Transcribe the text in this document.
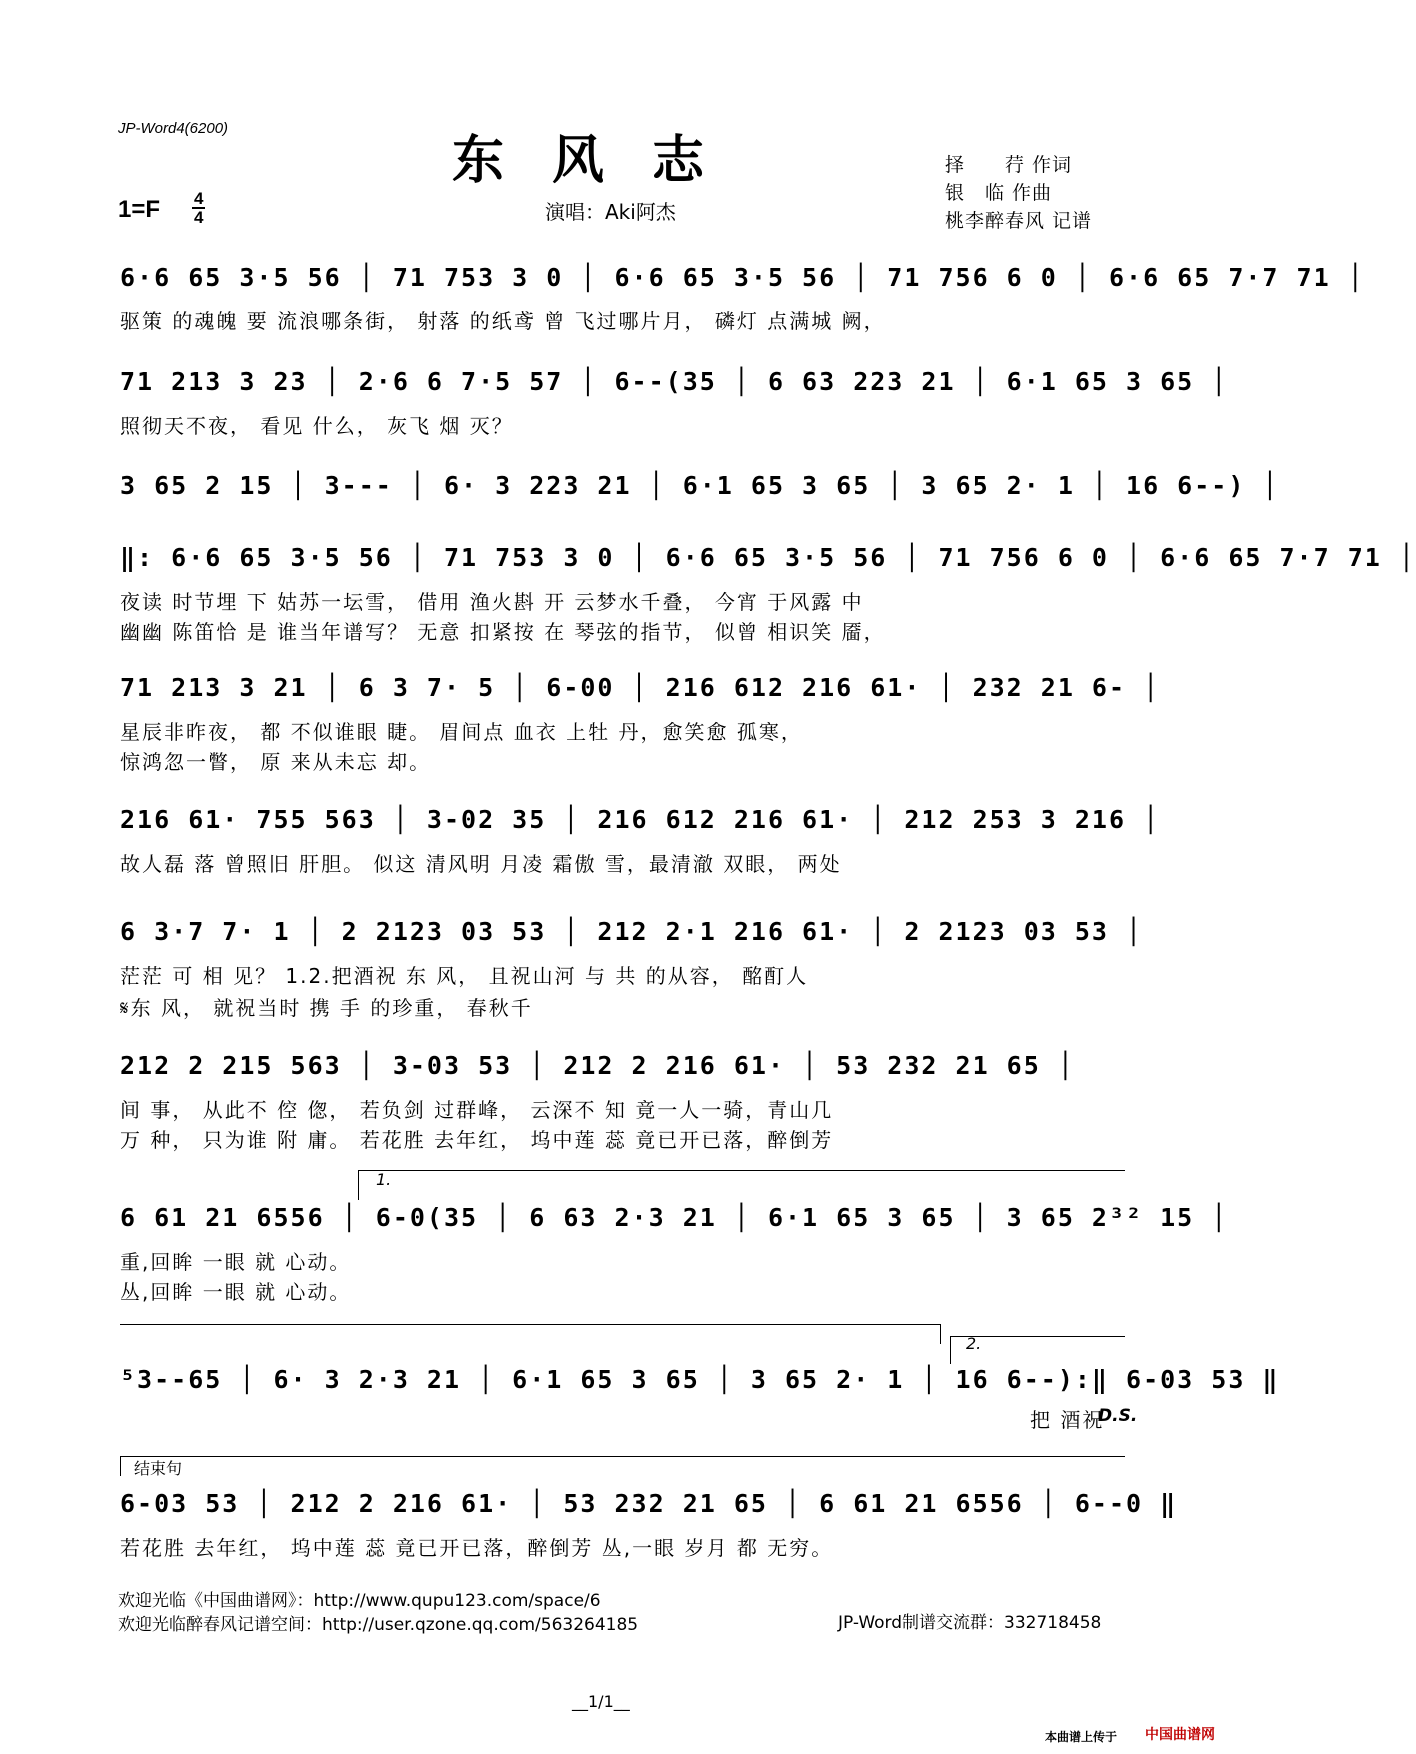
JP-Word4(6200)
东风志
$1=F \frac{4}{4}$	演唱：Aki阿杰
择　　荇 作词
银　临 作曲
桃李醉春风 记谱
6·6 65 3·5 56 │ 71 753 3 0 │ 6·6 65 3·5 56 │ 71 756 6 0 │ 6·6 65 7·7 71 │
驱策 的魂魄 要 流浪哪条街， 射落 的纸鸢 曾 飞过哪片月， 磷灯 点满城 阙，
71 213 3 23 │ 2·6 6 7·5 57 │ 6--(35 │ 6 63 223 21 │ 6·1 65 3 65 │
照彻天不夜， 看见 什么， 灰飞 烟 灭？
3 65 2 15 │ 3--- │ 6· 3 223 21 │ 6·1 65 3 65 │ 3 65 2· 1 │ 16 6--) │
‖: 6·6 65 3·5 56 │ 71 753 3 0 │ 6·6 65 3·5 56 │ 71 756 6 0 │ 6·6 65 7·7 71 │
夜读 时节埋 下 姑苏一坛雪， 借用 渔火斟 开 云梦水千叠， 今宵 于风露 中
幽幽 陈笛恰 是 谁当年谱写？ 无意 扣紧按 在 琴弦的指节， 似曾 相识笑 靥，
71 213 3 21 │ 6 3 7· 5 │ 6-00 │ 216 612 216 61· │ 232 21 6- │
星辰非昨夜， 都 不似谁眼 睫。 眉间点 血衣 上牡 丹，愈笑愈 孤寒，
惊鸿忽一瞥， 原 来从未忘 却。
216 61· 755 563 │ 3-02 35 │ 216 612 216 61· │ 212 253 3 216 │
故人磊 落 曾照旧 肝胆。 似这 清风明 月凌 霜傲 雪，最清澈 双眼， 两处
6 3·7 7· 1 │ 2 2123 03 53 │ 212 2·1 216 61· │ 2 2123 03 53 │
茫茫 可 相 见？ 1.2.把酒祝 东 风， 且祝山河 与 共 的从容， 酩酊人
𝄋东 风， 就祝当时 携 手 的珍重， 春秋千
212 2 215 563 │ 3-03 53 │ 212 2 216 61· │ 53 232 21 65 │
间 事， 从此不 倥 偬， 若负剑 过群峰， 云深不 知 竟一人一骑，青山几
万 种， 只为谁 附 庸。 若花胜 去年红， 坞中莲 蕊 竟已开已落，醉倒芳
1.
6 61 21 6556 │ 6-0(35 │ 6 63 2·3 21 │ 6·1 65 3 65 │ 3 65 2³² 15 │
重,回眸 一眼 就 心动。
丛,回眸 一眼 就 心动。
2.
⁵3--65 │ 6· 3 2·3 21 │ 6·1 65 3 65 │ 3 65 2· 1 │ 16 6--):‖ 6-03 53 ‖
把 酒祝
D.S.
结束句
6-03 53 │ 212 2 216 61· │ 53 232 21 65 │ 6 61 21 6556 │ 6--0 ‖
若花胜 去年红， 坞中莲 蕊 竟已开已落，醉倒芳 丛,一眼 岁月 都 无穷。
欢迎光临《中国曲谱网》：http://www.qupu123.com/space/6
欢迎光临醉春风记谱空间：http://user.qzone.qq.com/563264185	JP-Word制谱交流群：332718458
__1/1__
本曲谱上传于 中国曲谱网
